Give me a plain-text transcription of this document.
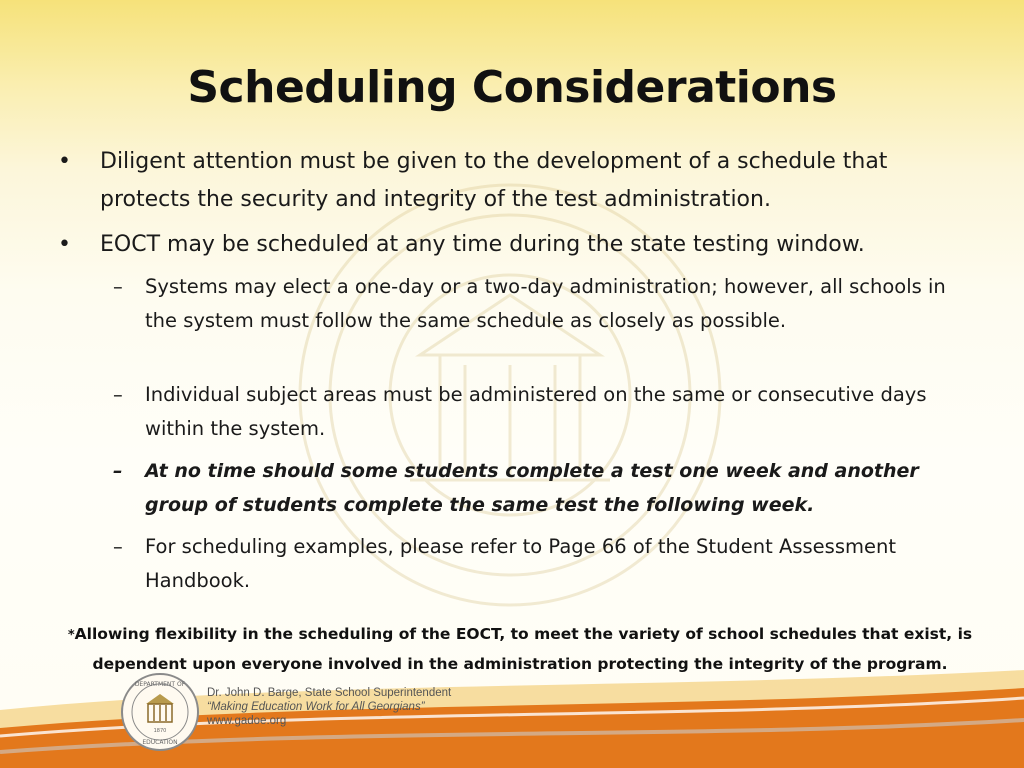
Scheduling Considerations
• Diligent attention must be given to the development of a schedule that protects the security and integrity of the test administration.
• EOCT may be scheduled at any time during the state testing window.
– Systems may elect a one-day or a two-day administration; however, all schools in the system must follow the same schedule as closely as possible.
– Individual subject areas must be administered on the same or consecutive days within the system.
– At no time should some students complete a test one week and another group of students complete the same test the following week.
– For scheduling examples, please refer to Page 66 of the Student Assessment Handbook.
*Allowing flexibility in the scheduling of the EOCT, to meet the variety of school schedules that exist, is dependent upon everyone involved in the administration protecting the integrity of the program.
DEPARTMENT OF
EDUCATION
1870
Dr. John D. Barge, State School Superintendent
“Making Education Work for All Georgians”
www.gadoe.org
